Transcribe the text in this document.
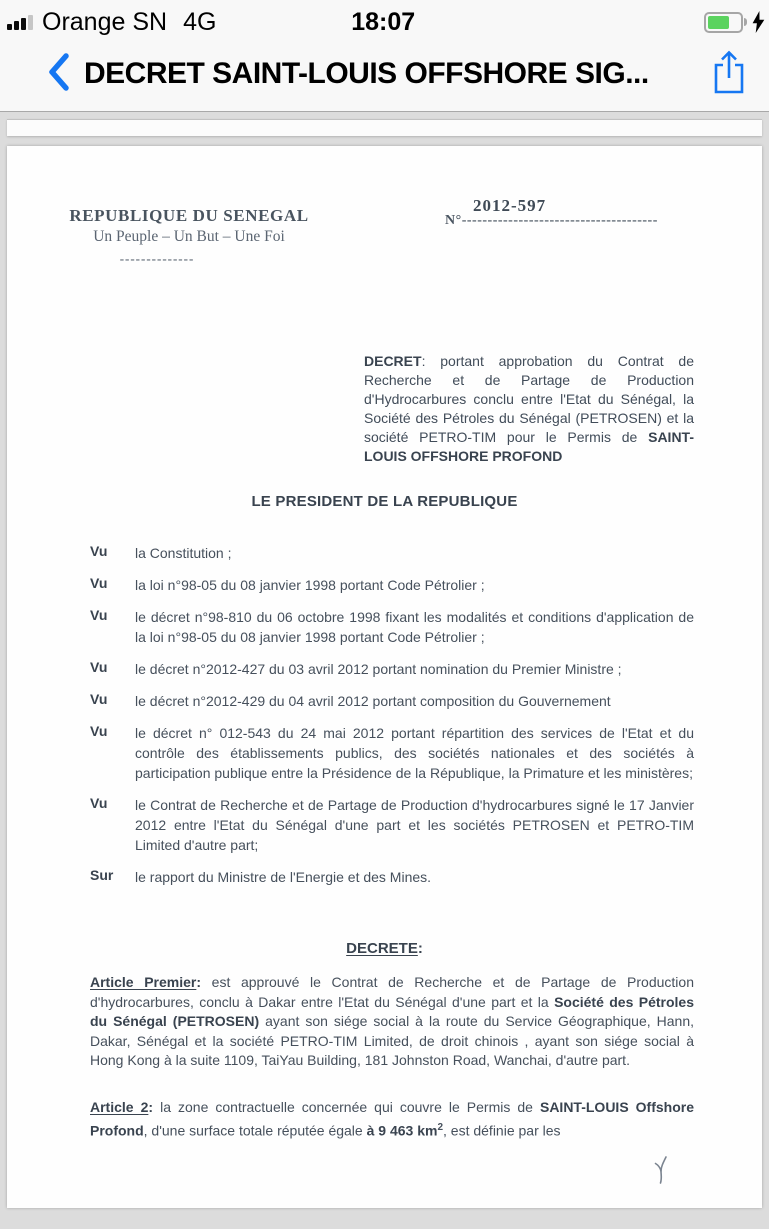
Orange SN 4G	18:07
DECRET SAINT-LOUIS OFFSHORE SIG...
REPUBLIQUE DU SENEGAL
Un Peuple – Un But – Une Foi
--------------
2012-597
N°--------------------------------------
DECRET: portant approbation du Contrat de Recherche et de Partage de Production d'Hydrocarbures conclu entre l'Etat du Sénégal, la Société des Pétroles du Sénégal (PETROSEN) et la société PETRO-TIM pour le Permis de SAINT-LOUIS OFFSHORE PROFOND
LE PRESIDENT DE LA REPUBLIQUE
Vu	la Constitution ;
Vu	la loi n°98-05 du 08 janvier 1998 portant Code Pétrolier ;
Vu	le décret n°98-810 du 06 octobre 1998 fixant les modalités et conditions d'application de la loi n°98-05 du 08 janvier 1998 portant Code Pétrolier ;
Vu	le décret n°2012-427 du 03 avril 2012 portant nomination du Premier Ministre ;
Vu	le décret n°2012-429 du 04 avril 2012 portant composition du Gouvernement
Vu	le décret n° 012-543 du 24 mai 2012 portant répartition des services de l'Etat et du contrôle des établissements publics, des sociétés nationales et des sociétés à participation publique entre la Présidence de la République, la Primature et les ministères;
Vu	le Contrat de Recherche et de Partage de Production d'hydrocarbures signé le 17 Janvier 2012 entre l'Etat du Sénégal d'une part et les sociétés PETROSEN et PETRO-TIM Limited d'autre part;
Sur	le rapport du Ministre de l'Energie et des Mines.
DECRETE:
Article Premier: est approuvé le Contrat de Recherche et de Partage de Production d'hydrocarbures, conclu à Dakar entre l'Etat du Sénégal d'une part et la Société des Pétroles du Sénégal (PETROSEN) ayant son siége social à la route du Service Géographique, Hann, Dakar, Sénégal et la société PETRO-TIM Limited, de droit chinois , ayant son siége social à Hong Kong à la suite 1109, TaiYau Building, 181 Johnston Road, Wanchai, d'autre part.
Article 2: la zone contractuelle concernée qui couvre le Permis de SAINT-LOUIS Offshore Profond, d'une surface totale réputée égale à 9 463 $km^2$, est définie par les
